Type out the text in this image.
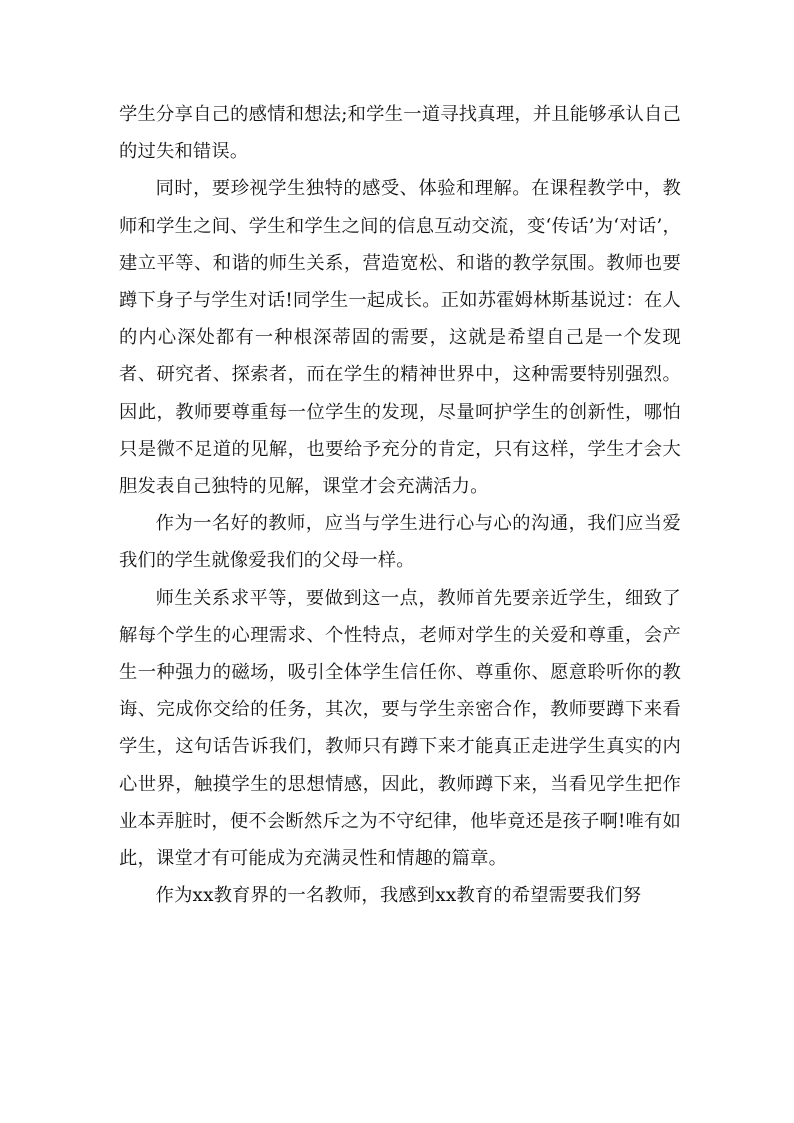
学生分享自己的感情和想法;和学生一道寻找真理，并且能够承认自己的过失和错误。

同时，要珍视学生独特的感受、体验和理解。在课程教学中，教师和学生之间、学生和学生之间的信息互动交流，变‘传话’为‘对话’，建立平等、和谐的师生关系，营造宽松、和谐的教学氛围。教师也要蹲下身子与学生对话!同学生一起成长。正如苏霍姆林斯基说过：在人的内心深处都有一种根深蒂固的需要，这就是希望自己是一个发现者、研究者、探索者，而在学生的精神世界中，这种需要特别强烈。因此，教师要尊重每一位学生的发现，尽量呵护学生的创新性，哪怕只是微不足道的见解，也要给予充分的肯定，只有这样，学生才会大胆发表自己独特的见解，课堂才会充满活力。

作为一名好的教师，应当与学生进行心与心的沟通，我们应当爱我们的学生就像爱我们的父母一样。

师生关系求平等，要做到这一点，教师首先要亲近学生，细致了解每个学生的心理需求、个性特点，老师对学生的关爱和尊重，会产生一种强力的磁场，吸引全体学生信任你、尊重你、愿意聆听你的教诲、完成你交给的任务，其次，要与学生亲密合作，教师要蹲下来看学生，这句话告诉我们，教师只有蹲下来才能真正走进学生真实的内心世界，触摸学生的思想情感，因此，教师蹲下来，当看见学生把作业本弄脏时，便不会断然斥之为不守纪律，他毕竟还是孩子啊!唯有如此，课堂才有可能成为充满灵性和情趣的篇章。

作为xx教育界的一名教师，我感到xx教育的希望需要我们努
